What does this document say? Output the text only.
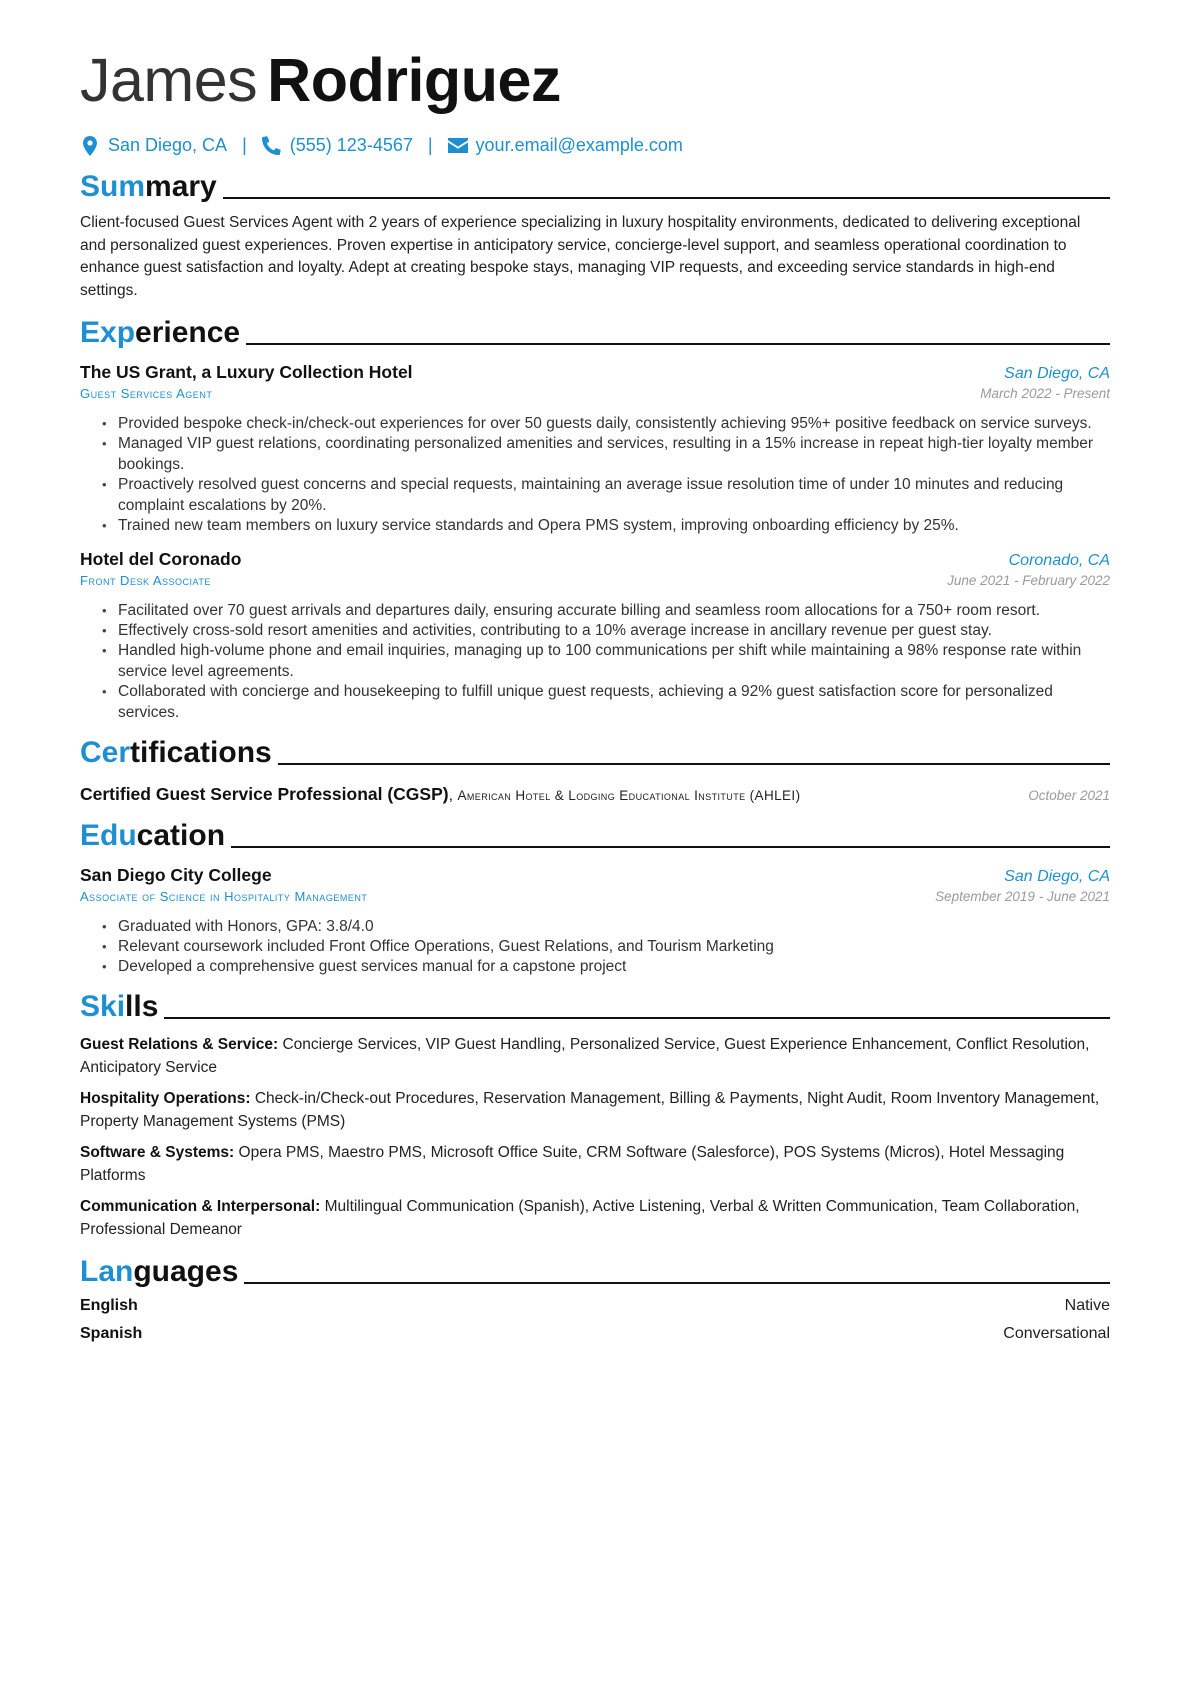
James Rodriguez
San Diego, CA | (555) 123-4567 | your.email@example.com
Summary
Client-focused Guest Services Agent with 2 years of experience specializing in luxury hospitality environments, dedicated to delivering exceptional and personalized guest experiences. Proven expertise in anticipatory service, concierge-level support, and seamless operational coordination to enhance guest satisfaction and loyalty. Adept at creating bespoke stays, managing VIP requests, and exceeding service standards in high-end settings.
Experience
The US Grant, a Luxury Collection Hotel	San Diego, CA
Guest Services Agent	March 2022 - Present
• Provided bespoke check-in/check-out experiences for over 50 guests daily, consistently achieving 95%+ positive feedback on service surveys.
• Managed VIP guest relations, coordinating personalized amenities and services, resulting in a 15% increase in repeat high-tier loyalty member bookings.
• Proactively resolved guest concerns and special requests, maintaining an average issue resolution time of under 10 minutes and reducing complaint escalations by 20%.
• Trained new team members on luxury service standards and Opera PMS system, improving onboarding efficiency by 25%.
Hotel del Coronado	Coronado, CA
Front Desk Associate	June 2021 - February 2022
• Facilitated over 70 guest arrivals and departures daily, ensuring accurate billing and seamless room allocations for a 750+ room resort.
• Effectively cross-sold resort amenities and activities, contributing to a 10% average increase in ancillary revenue per guest stay.
• Handled high-volume phone and email inquiries, managing up to 100 communications per shift while maintaining a 98% response rate within service level agreements.
• Collaborated with concierge and housekeeping to fulfill unique guest requests, achieving a 92% guest satisfaction score for personalized services.
Certifications
Certified Guest Service Professional (CGSP), American Hotel & Lodging Educational Institute (AHLEI)	October 2021
Education
San Diego City College	San Diego, CA
Associate of Science in Hospitality Management	September 2019 - June 2021
• Graduated with Honors, GPA: 3.8/4.0
• Relevant coursework included Front Office Operations, Guest Relations, and Tourism Marketing
• Developed a comprehensive guest services manual for a capstone project
Skills
Guest Relations & Service: Concierge Services, VIP Guest Handling, Personalized Service, Guest Experience Enhancement, Conflict Resolution, Anticipatory Service
Hospitality Operations: Check-in/Check-out Procedures, Reservation Management, Billing & Payments, Night Audit, Room Inventory Management, Property Management Systems (PMS)
Software & Systems: Opera PMS, Maestro PMS, Microsoft Office Suite, CRM Software (Salesforce), POS Systems (Micros), Hotel Messaging Platforms
Communication & Interpersonal: Multilingual Communication (Spanish), Active Listening, Verbal & Written Communication, Team Collaboration, Professional Demeanor
Languages
English	Native
Spanish	Conversational
